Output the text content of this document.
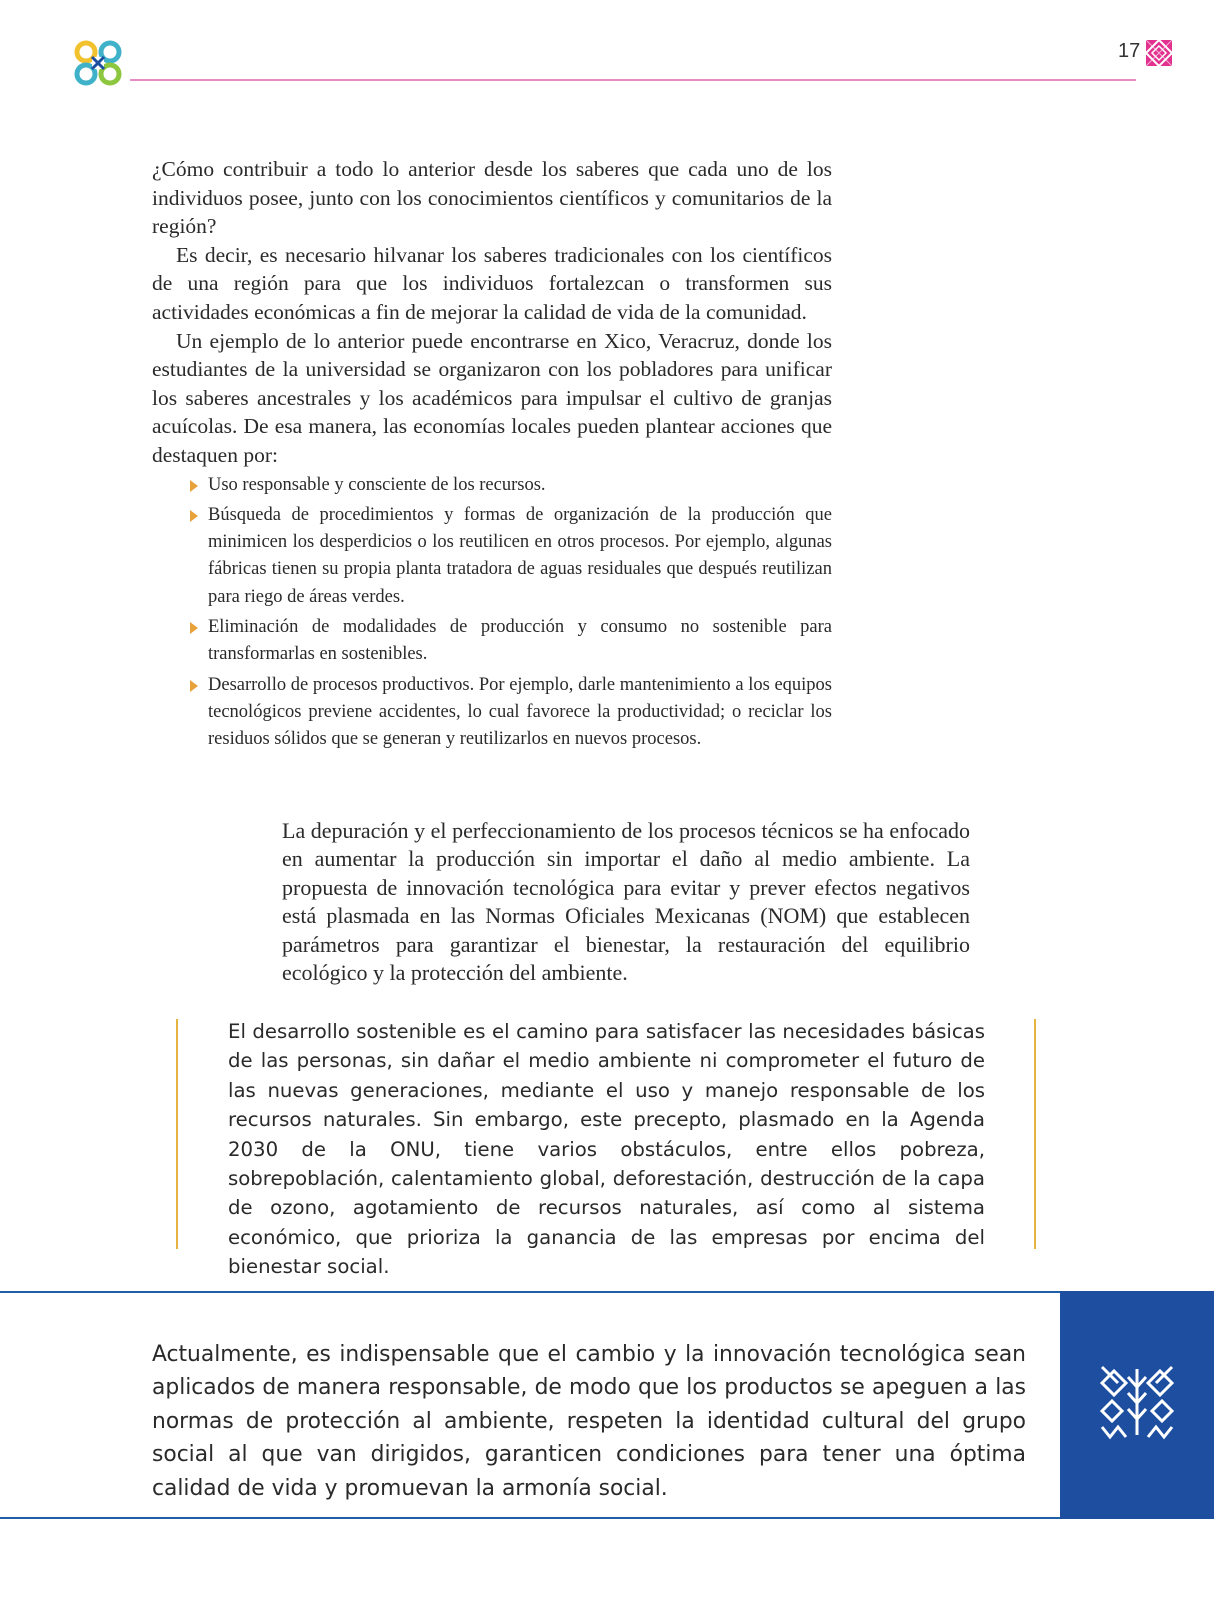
17

¿Cómo contribuir a todo lo anterior desde los saberes que cada uno de los individuos posee, junto con los conocimientos científicos y comunitarios de la región?

Es decir, es necesario hilvanar los saberes tradicionales con los científicos de una región para que los individuos fortalezcan o transformen sus actividades económicas a fin de mejorar la calidad de vida de la comunidad.

Un ejemplo de lo anterior puede encontrarse en Xico, Veracruz, donde los estudiantes de la universidad se organizaron con los pobladores para unificar los saberes ancestrales y los académicos para impulsar el cultivo de granjas acuícolas. De esa manera, las economías locales pueden plantear acciones que destaquen por:

Uso responsable y consciente de los recursos.
Búsqueda de procedimientos y formas de organización de la producción que minimicen los desperdicios o los reutilicen en otros procesos. Por ejemplo, algunas fábricas tienen su propia planta tratadora de aguas residuales que después reutilizan para riego de áreas verdes.
Eliminación de modalidades de producción y consumo no sostenible para transformarlas en sostenibles.
Desarrollo de procesos productivos. Por ejemplo, darle mantenimiento a los equipos tecnológicos previene accidentes, lo cual favorece la productividad; o reciclar los residuos sólidos que se generan y reutilizarlos en nuevos procesos.

La depuración y el perfeccionamiento de los procesos técnicos se ha enfocado en aumentar la producción sin importar el daño al medio ambiente. La propuesta de innovación tecnológica para evitar y prever efectos negativos está plasmada en las Normas Oficiales Mexicanas (NOM) que establecen parámetros para garantizar el bienestar, la restauración del equilibrio ecológico y la protección del ambiente.

El desarrollo sostenible es el camino para satisfacer las necesidades básicas de las personas, sin dañar el medio ambiente ni comprometer el futuro de las nuevas generaciones, mediante el uso y manejo responsable de los recursos naturales. Sin embargo, este precepto, plasmado en la Agenda 2030 de la ONU, tiene varios obstáculos, entre ellos pobreza, sobrepoblación, calentamiento global, deforestación, destrucción de la capa de ozono, agotamiento de recursos naturales, así como al sistema económico, que prioriza la ganancia de las empresas por encima del bienestar social.

Actualmente, es indispensable que el cambio y la innovación tecnológica sean aplicados de manera responsable, de modo que los productos se apeguen a las normas de protección al ambiente, respeten la identidad cultural del grupo social al que van dirigidos, garanticen condiciones para tener una óptima calidad de vida y promuevan la armonía social.
